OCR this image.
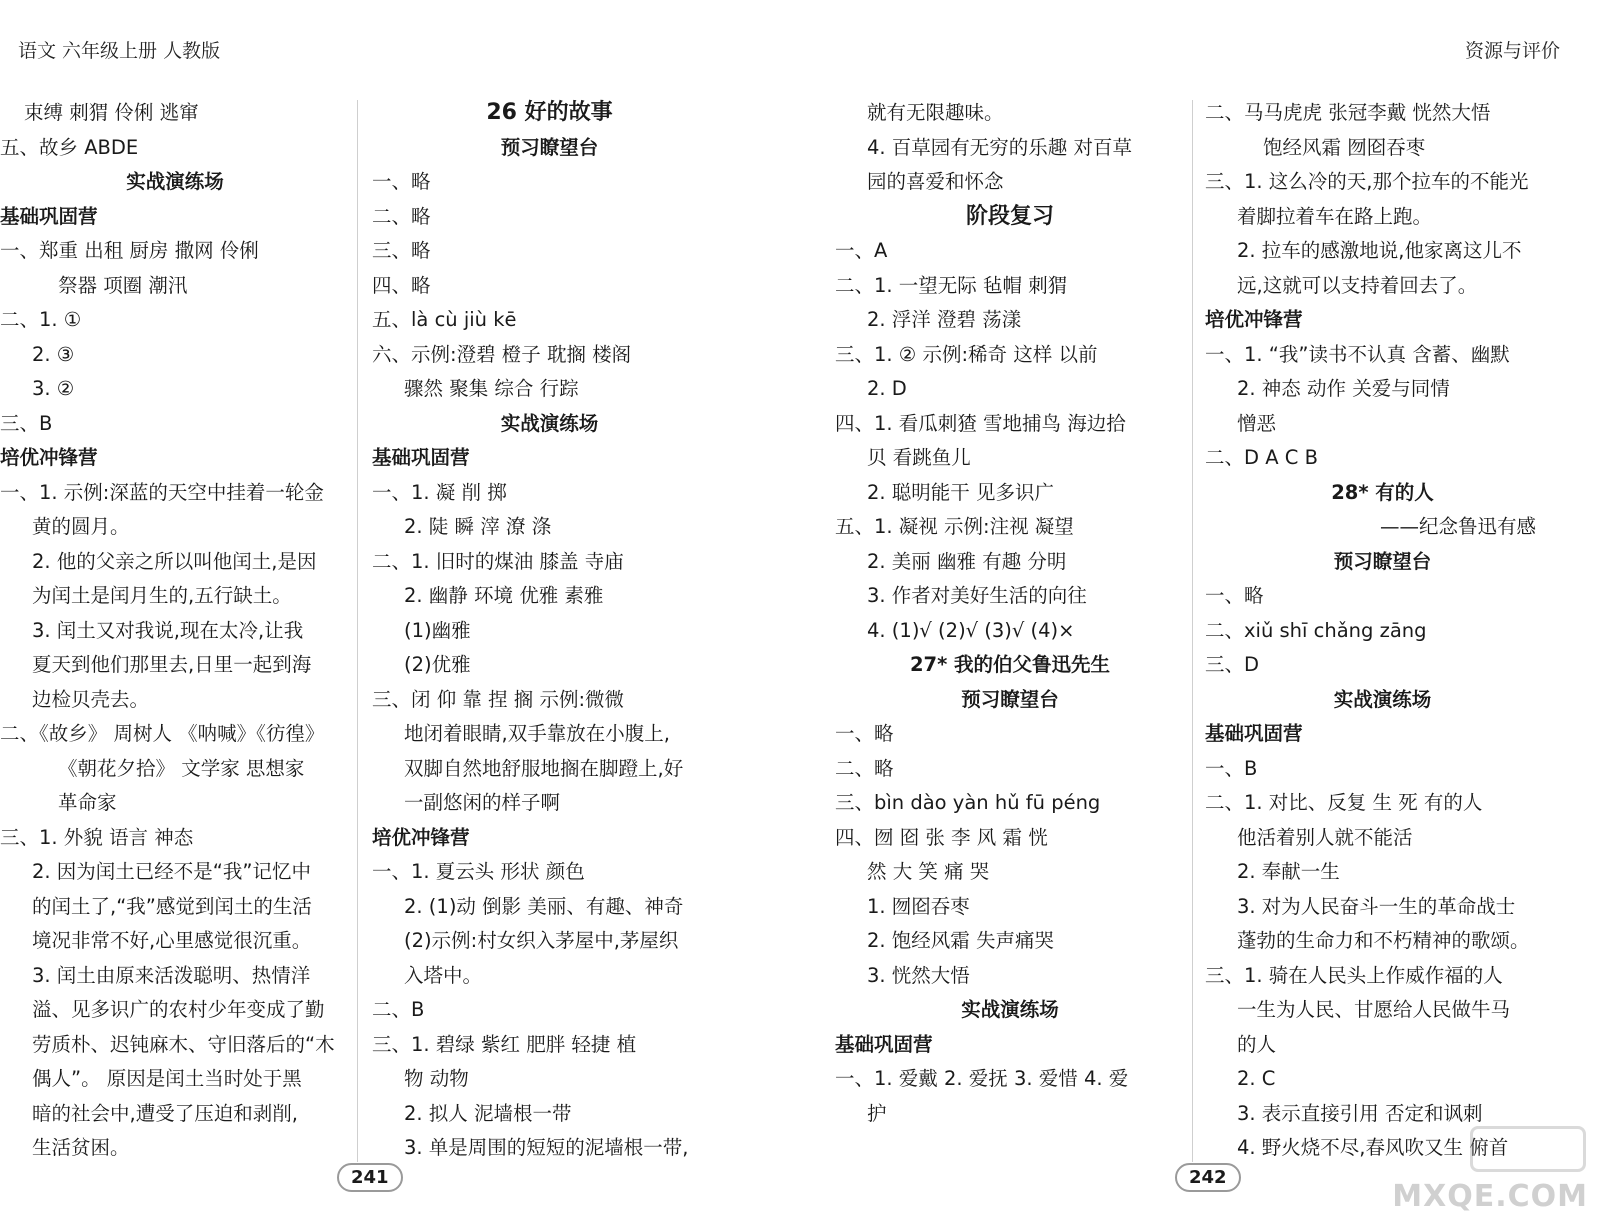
语文 六年级上册 人教版	资源与评价
束缚 刺猬 伶俐 逃窜
五、故乡 ABDE
实战演练场
基础巩固营
一、郑重 出租 厨房 撒网 伶俐
祭器 项圈 潮汛
二、1. ①
2. ③
3. ②
三、B
培优冲锋营
一、1. 示例:深蓝的天空中挂着一轮金
黄的圆月。
2. 他的父亲之所以叫他闰土,是因
为闰土是闰月生的,五行缺土。
3. 闰土又对我说,现在太冷,让我
夏天到他们那里去,日里一起到海
边检贝壳去。
二、《故乡》 周树人 《呐喊》《彷徨》
《朝花夕拾》 文学家 思想家
革命家
三、1. 外貌 语言 神态
2. 因为闰土已经不是“我”记忆中
的闰土了,“我”感觉到闰土的生活
境况非常不好,心里感觉很沉重。
3. 闰土由原来活泼聪明、热情洋
溢、见多识广的农村少年变成了勤
劳质朴、迟钝麻木、守旧落后的“木
偶人”。 原因是闰土当时处于黑
暗的社会中,遭受了压迫和剥削,
生活贫困。
26 好的故事
预习瞭望台
一、略
二、略
三、略
四、略
五、là cù jiù kē
六、示例:澄碧 橙子 耽搁 楼阁
骤然 聚集 综合 行踪
实战演练场
基础巩固营
一、1. 凝 削 掷
2. 陡 瞬 滓 潦 涤
二、1. 旧时的煤油 膝盖 寺庙
2. 幽静 环境 优雅 素雅
(1)幽雅
(2)优雅
三、闭 仰 靠 捏 搁 示例:微微
地闭着眼睛,双手靠放在小腹上,
双脚自然地舒服地搁在脚蹬上,好
一副悠闲的样子啊
培优冲锋营
一、1. 夏云头 形状 颜色
2. (1)动 倒影 美丽、有趣、神奇
(2)示例:村女织入茅屋中,茅屋织
入塔中。
二、B
三、1. 碧绿 紫红 肥胖 轻捷 植
物 动物
2. 拟人 泥墙根一带
3. 单是周围的短短的泥墙根一带,
就有无限趣味。
4. 百草园有无穷的乐趣 对百草
园的喜爱和怀念
阶段复习
一、A
二、1. 一望无际 毡帽 刺猬
2. 浮洋 澄碧 荡漾
三、1. ② 示例:稀奇 这样 以前
2. D
四、1. 看瓜刺猹 雪地捕鸟 海边拾
贝 看跳鱼儿
2. 聪明能干 见多识广
五、1. 凝视 示例:注视 凝望
2. 美丽 幽雅 有趣 分明
3. 作者对美好生活的向往
4. (1)√ (2)√ (3)√ (4)×
27* 我的伯父鲁迅先生
预习瞭望台
一、略
二、略
三、bìn dào yàn hǔ fū péng
四、囫 囵 张 李 风 霜 恍
然 大 笑 痛 哭
1. 囫囵吞枣
2. 饱经风霜 失声痛哭
3. 恍然大悟
实战演练场
基础巩固营
一、1. 爱戴 2. 爱抚 3. 爱惜 4. 爱
护
二、马马虎虎 张冠李戴 恍然大悟
饱经风霜 囫囵吞枣
三、1. 这么冷的天,那个拉车的不能光
着脚拉着车在路上跑。
2. 拉车的感激地说,他家离这儿不
远,这就可以支持着回去了。
培优冲锋营
一、1. “我”读书不认真 含蓄、幽默
2. 神态 动作 关爱与同情
憎恶
二、D A C B
28* 有的人
——纪念鲁迅有感
预习瞭望台
一、略
二、xiǔ shī chǎng zāng
三、D
实战演练场
基础巩固营
一、B
二、1. 对比、反复 生 死 有的人
他活着别人就不能活
2. 奉献一生
3. 对为人民奋斗一生的革命战士
蓬勃的生命力和不朽精神的歌颂。
三、1. 骑在人民头上作威作福的人
一生为人民、甘愿给人民做牛马
的人
2. C
3. 表示直接引用 否定和讽刺
4. 野火烧不尽,春风吹又生 俯首
241	242
MXQE.COM
